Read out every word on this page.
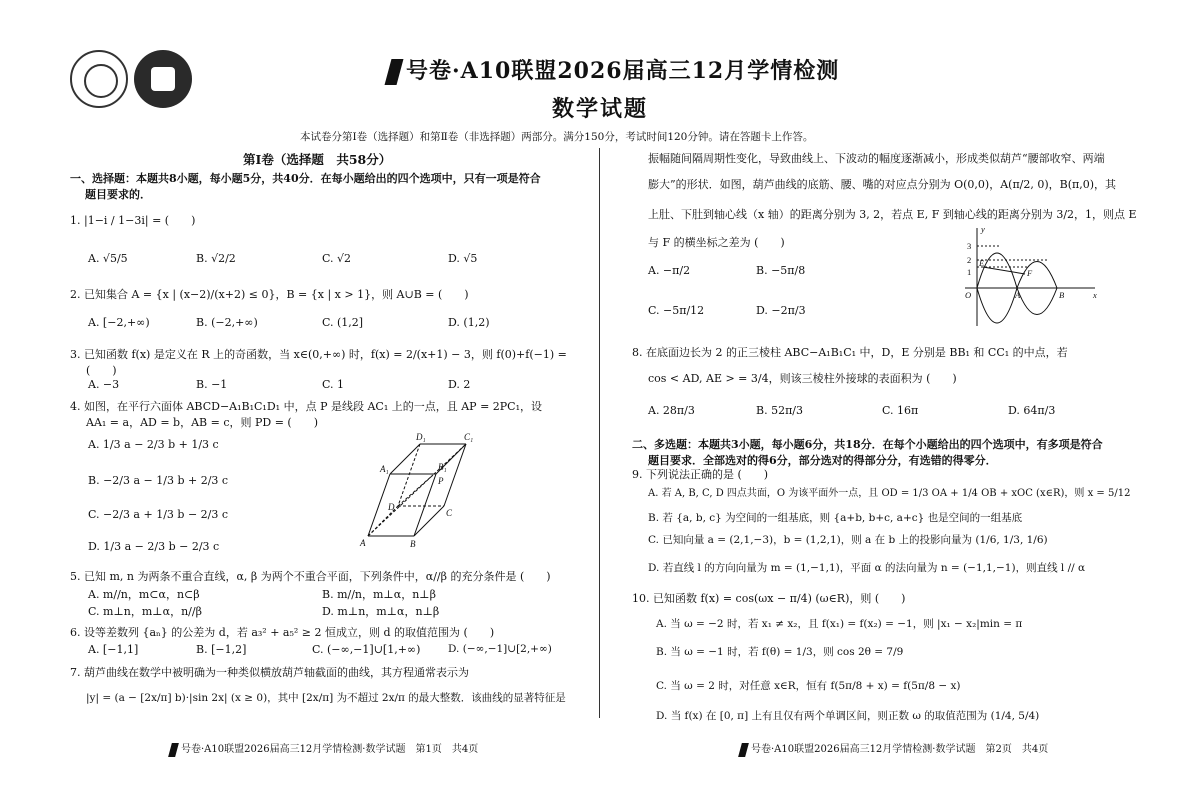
号卷·A10联盟2026届高三12月学情检测
数学试题
本试卷分第Ⅰ卷（选择题）和第Ⅱ卷（非选择题）两部分。满分150分，考试时间120分钟。请在答题卡上作答。
第Ⅰ卷（选择题　共58分）
一、选择题：本题共8小题，每小题5分，共40分．在每小题给出的四个选项中，只有一项是符合
题目要求的．
1. |1−i / 1−3i| = (　　)
A. √5/5	B. √2/2	C. √2	D. √5
2. 已知集合 A = {x | (x−2)/(x+2) ≤ 0}，B = {x | x > 1}，则 A∪B = (　　)
A. [−2,+∞)	B. (−2,+∞)	C. (1,2]	D. (1,2)
3. 已知函数 f(x) 是定义在 R 上的奇函数，当 x∈(0,+∞) 时，f(x) = 2/(x+1) − 3，则 f(0)+f(−1) =
(　　)
A. −3	B. −1	C. 1	D. 2
4. 如图，在平行六面体 ABCD−A₁B₁C₁D₁ 中，点 P 是线段 AC₁ 上的一点，且 AP = 2PC₁，设
AA₁ = a，AD = b，AB = c，则 PD = (　　)
A. 1/3 a − 2/3 b + 1/3 c
B. −2/3 a − 1/3 b + 2/3 c
C. −2/3 a + 1/3 b − 2/3 c
D. 1/3 a − 2/3 b − 2/3 c
D₁	C₁
A₁	B₁
P
D
C
A	B
5. 已知 m, n 为两条不重合直线，α, β 为两个不重合平面，下列条件中，α//β 的充分条件是 (　　)
A. m//n，m⊂α，n⊂β	B. m//n，m⊥α，n⊥β
C. m⊥n，m⊥α，n//β	D. m⊥n，m⊥α，n⊥β
6. 设等差数列 {aₙ} 的公差为 d，若 a₃² + a₅² ≥ 2 恒成立，则 d 的取值范围为 (　　)
A. [−1,1]	B. [−1,2]	C. (−∞,−1]∪[1,+∞)	D. (−∞,−1]∪[2,+∞)
7. 葫芦曲线在数学中被明确为一种类似横放葫芦轴截面的曲线，其方程通常表示为
|y| = (a − [2x/π] b)·|sin 2x| (x ≥ 0)，其中 [2x/π] 为不超过 2x/π 的最大整数．该曲线的显著特征是
号卷·A10联盟2026届高三12月学情检测·数学试题　第1页　共4页
振幅随间隔周期性变化，导致曲线上、下波动的幅度逐渐减小，形成类似葫芦“腰部收窄、两端
膨大”的形状．如图，葫芦曲线的底筋、腰、嘴的对应点分别为 O(0,0)，A(π/2, 0)，B(π,0)，其
上肚、下肚到轴心线（x 轴）的距离分别为 3, 2，若点 E, F 到轴心线的距离分别为 3/2，1，则点 E
与 F 的横坐标之差为 (　　)
A. −π/2	B. −5π/8
C. −5π/12	D. −2π/3
y
3
2
1
E
F
O	A	B	x
8. 在底面边长为 2 的正三棱柱 ABC−A₁B₁C₁ 中，D，E 分别是 BB₁ 和 CC₁ 的中点，若
cos < AD, AE > = 3/4，则该三棱柱外接球的表面积为 (　　)
A. 28π/3	B. 52π/3	C. 16π	D. 64π/3
二、多选题：本题共3小题，每小题6分，共18分．在每个小题给出的四个选项中，有多项是符合
题目要求．全部选对的得6分，部分选对的得部分分，有选错的得零分．
9. 下列说法正确的是 (　　)
A. 若 A, B, C, D 四点共面，O 为该平面外一点，且 OD = 1/3 OA + 1/4 OB + xOC (x∈R)，则 x = 5/12
B. 若 {a, b, c} 为空间的一组基底，则 {a+b, b+c, a+c} 也是空间的一组基底
C. 已知向量 a = (2,1,−3)，b = (1,2,1)，则 a 在 b 上的投影向量为 (1/6, 1/3, 1/6)
D. 若直线 l 的方向向量为 m = (1,−1,1)，平面 α 的法向量为 n = (−1,1,−1)，则直线 l // α
10. 已知函数 f(x) = cos(ωx − π/4) (ω∈R)，则 (　　)
A. 当 ω = −2 时，若 x₁ ≠ x₂，且 f(x₁) = f(x₂) = −1，则 |x₁ − x₂|min = π
B. 当 ω = −1 时，若 f(θ) = 1/3，则 cos 2θ = 7/9
C. 当 ω = 2 时，对任意 x∈R，恒有 f(5π/8 + x) = f(5π/8 − x)
D. 当 f(x) 在 [0, π] 上有且仅有两个单调区间，则正数 ω 的取值范围为 (1/4, 5/4)
号卷·A10联盟2026届高三12月学情检测·数学试题　第2页　共4页
